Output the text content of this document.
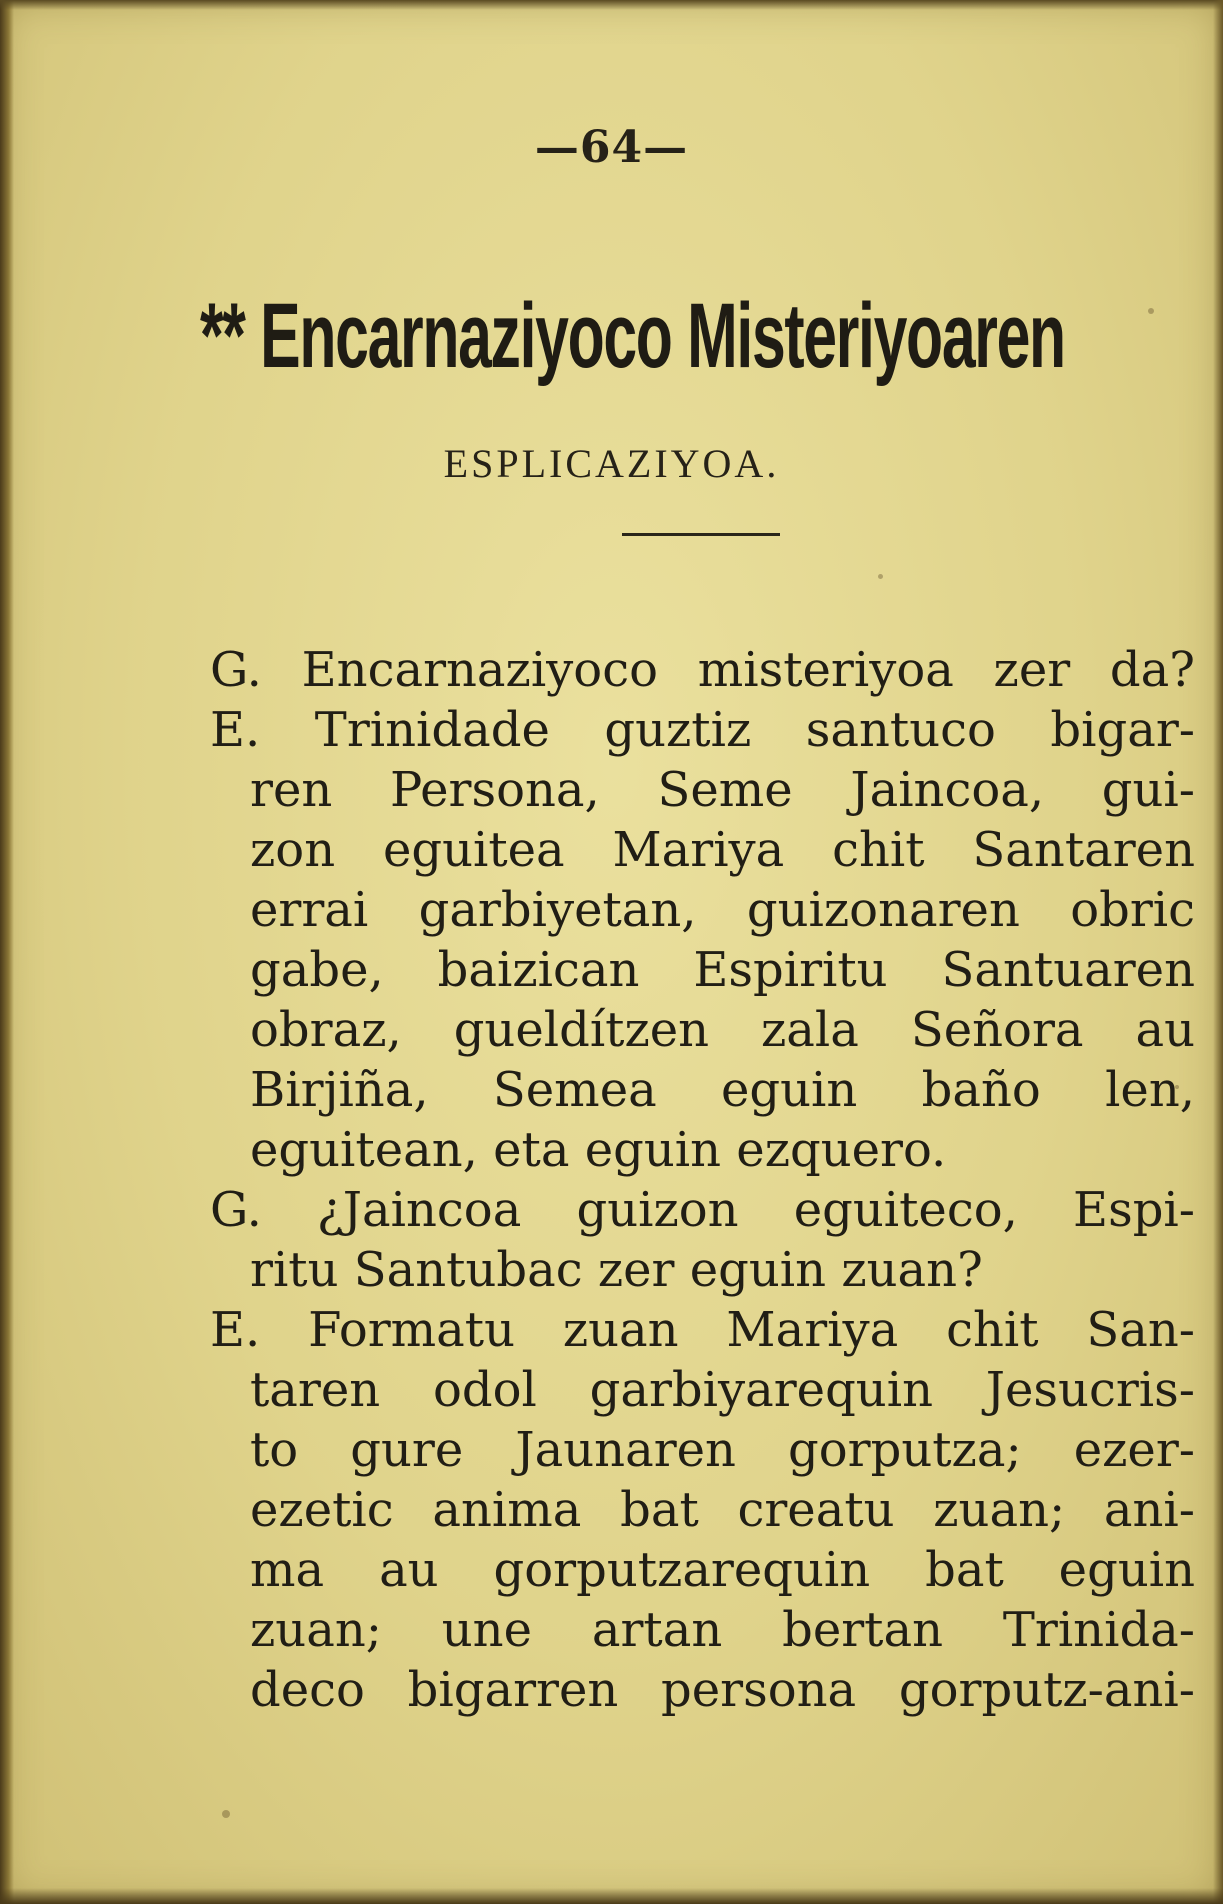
—64—
** Encarnaziyoco Misteriyoaren
ESPLICAZIYOA.
G. Encarnaziyoco misteriyoa zer da?
E. Trinidade guztiz santuco bigar-
ren Persona, Seme Jaincoa, gui-
zon eguitea Mariya chit Santaren
errai garbiyetan, guizonaren obric
gabe, baizican Espiritu Santuaren
obraz, gueldítzen zala Señora au
Birjiña, Semea eguin baño len,
eguitean, eta eguin ezquero.
G. ¿Jaincoa guizon eguiteco, Espi-
ritu Santubac zer eguin zuan?
E. Formatu zuan Mariya chit San-
taren odol garbiyarequin Jesucris-
to gure Jaunaren gorputza; ezer-
ezetic anima bat creatu zuan; ani-
ma au gorputzarequin bat eguin
zuan; une artan bertan Trinida-
deco bigarren persona gorputz-ani-
